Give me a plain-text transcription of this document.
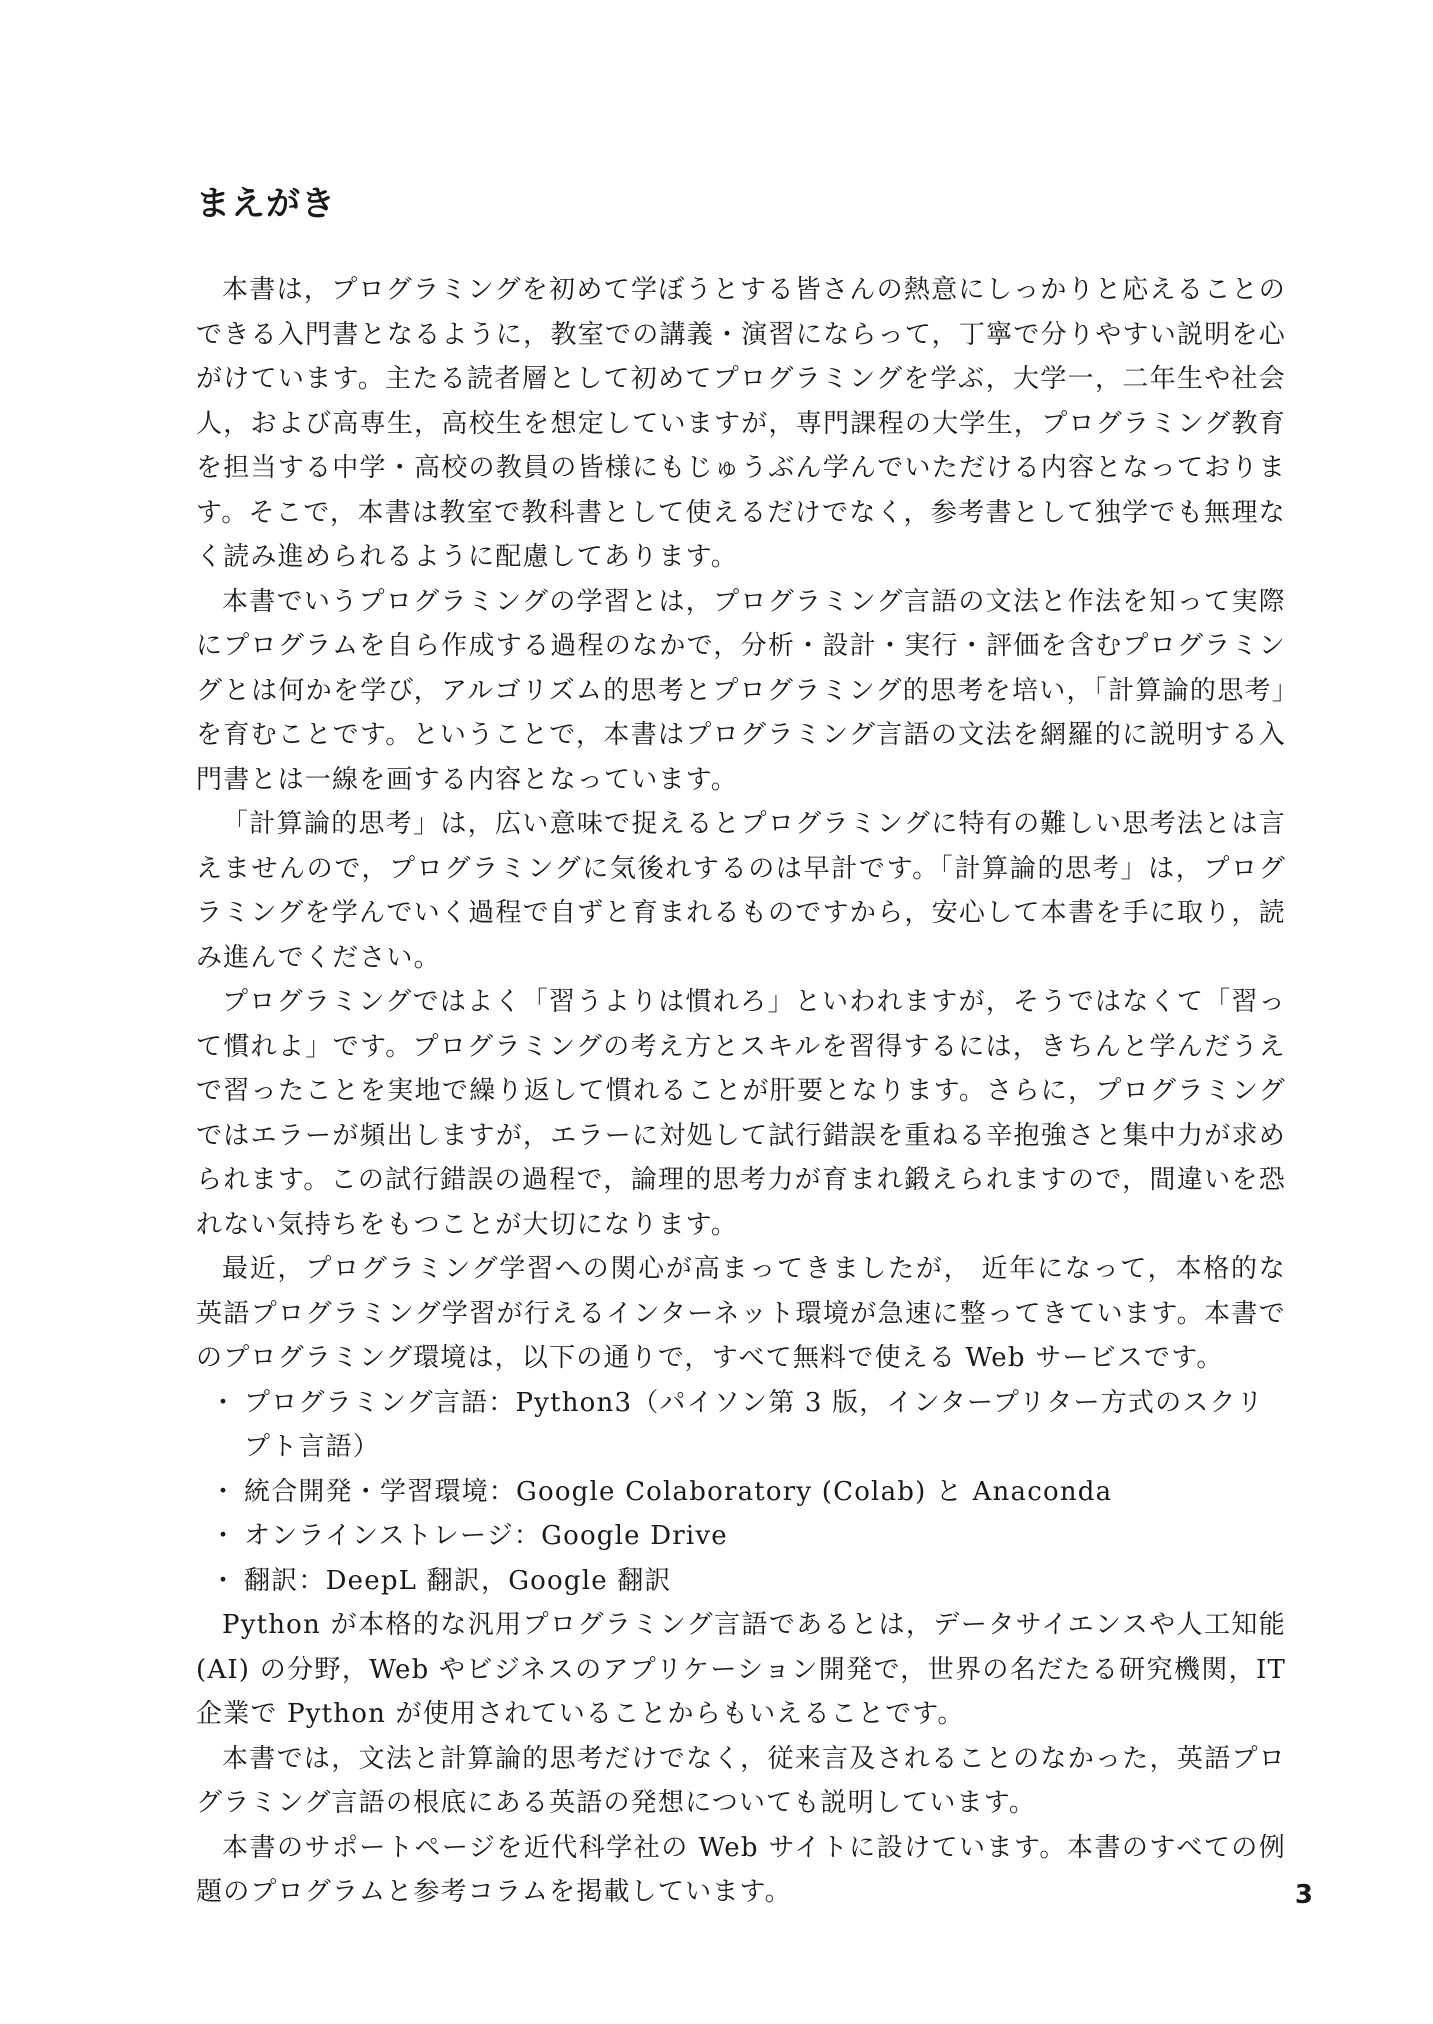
まえがき

本書は，プログラミングを初めて学ぼうとする皆さんの熱意にしっかりと応えることのできる入門書となるように，教室での講義・演習にならって，丁寧で分りやすい説明を心がけています。主たる読者層として初めてプログラミングを学ぶ，大学一，二年生や社会人，および高専生，高校生を想定していますが，専門課程の大学生，プログラミング教育を担当する中学・高校の教員の皆様にもじゅうぶん学んでいただける内容となっております。そこで，本書は教室で教科書として使えるだけでなく，参考書として独学でも無理なく読み進められるように配慮してあります。

本書でいうプログラミングの学習とは，プログラミング言語の文法と作法を知って実際にプログラムを自ら作成する過程のなかで，分析・設計・実行・評価を含むプログラミングとは何かを学び，アルゴリズム的思考とプログラミング的思考を培い，「計算論的思考」を育むことです。ということで，本書はプログラミング言語の文法を網羅的に説明する入門書とは一線を画する内容となっています。

「計算論的思考」は，広い意味で捉えるとプログラミングに特有の難しい思考法とは言えませんので，プログラミングに気後れするのは早計です。「計算論的思考」は，プログラミングを学んでいく過程で自ずと育まれるものですから，安心して本書を手に取り，読み進んでください。

プログラミングではよく「習うよりは慣れろ」といわれますが，そうではなくて「習って慣れよ」です。プログラミングの考え方とスキルを習得するには，きちんと学んだうえで習ったことを実地で繰り返して慣れることが肝要となります。さらに，プログラミングではエラーが頻出しますが，エラーに対処して試行錯誤を重ねる辛抱強さと集中力が求められます。この試行錯誤の過程で，論理的思考力が育まれ鍛えられますので，間違いを恐れない気持ちをもつことが大切になります。

最近，プログラミング学習への関心が高まってきましたが， 近年になって，本格的な英語プログラミング学習が行えるインターネット環境が急速に整ってきています。本書でのプログラミング環境は，以下の通りで，すべて無料で使える Web サービスです。

・ プログラミング言語：Python3（パイソン第 3 版，インタープリター方式のスクリプト言語）
・ 統合開発・学習環境：Google Colaboratory (Colab) と Anaconda
・ オンラインストレージ：Google Drive
・ 翻訳：DeepL 翻訳，Google 翻訳

Python が本格的な汎用プログラミング言語であるとは，データサイエンスや人工知能 (AI) の分野，Web やビジネスのアプリケーション開発で，世界の名だたる研究機関，IT 企業で Python が使用されていることからもいえることです。

本書では，文法と計算論的思考だけでなく，従来言及されることのなかった，英語プログラミング言語の根底にある英語の発想についても説明しています。

本書のサポートページを近代科学社の Web サイトに設けています。本書のすべての例題のプログラムと参考コラムを掲載しています。	3
